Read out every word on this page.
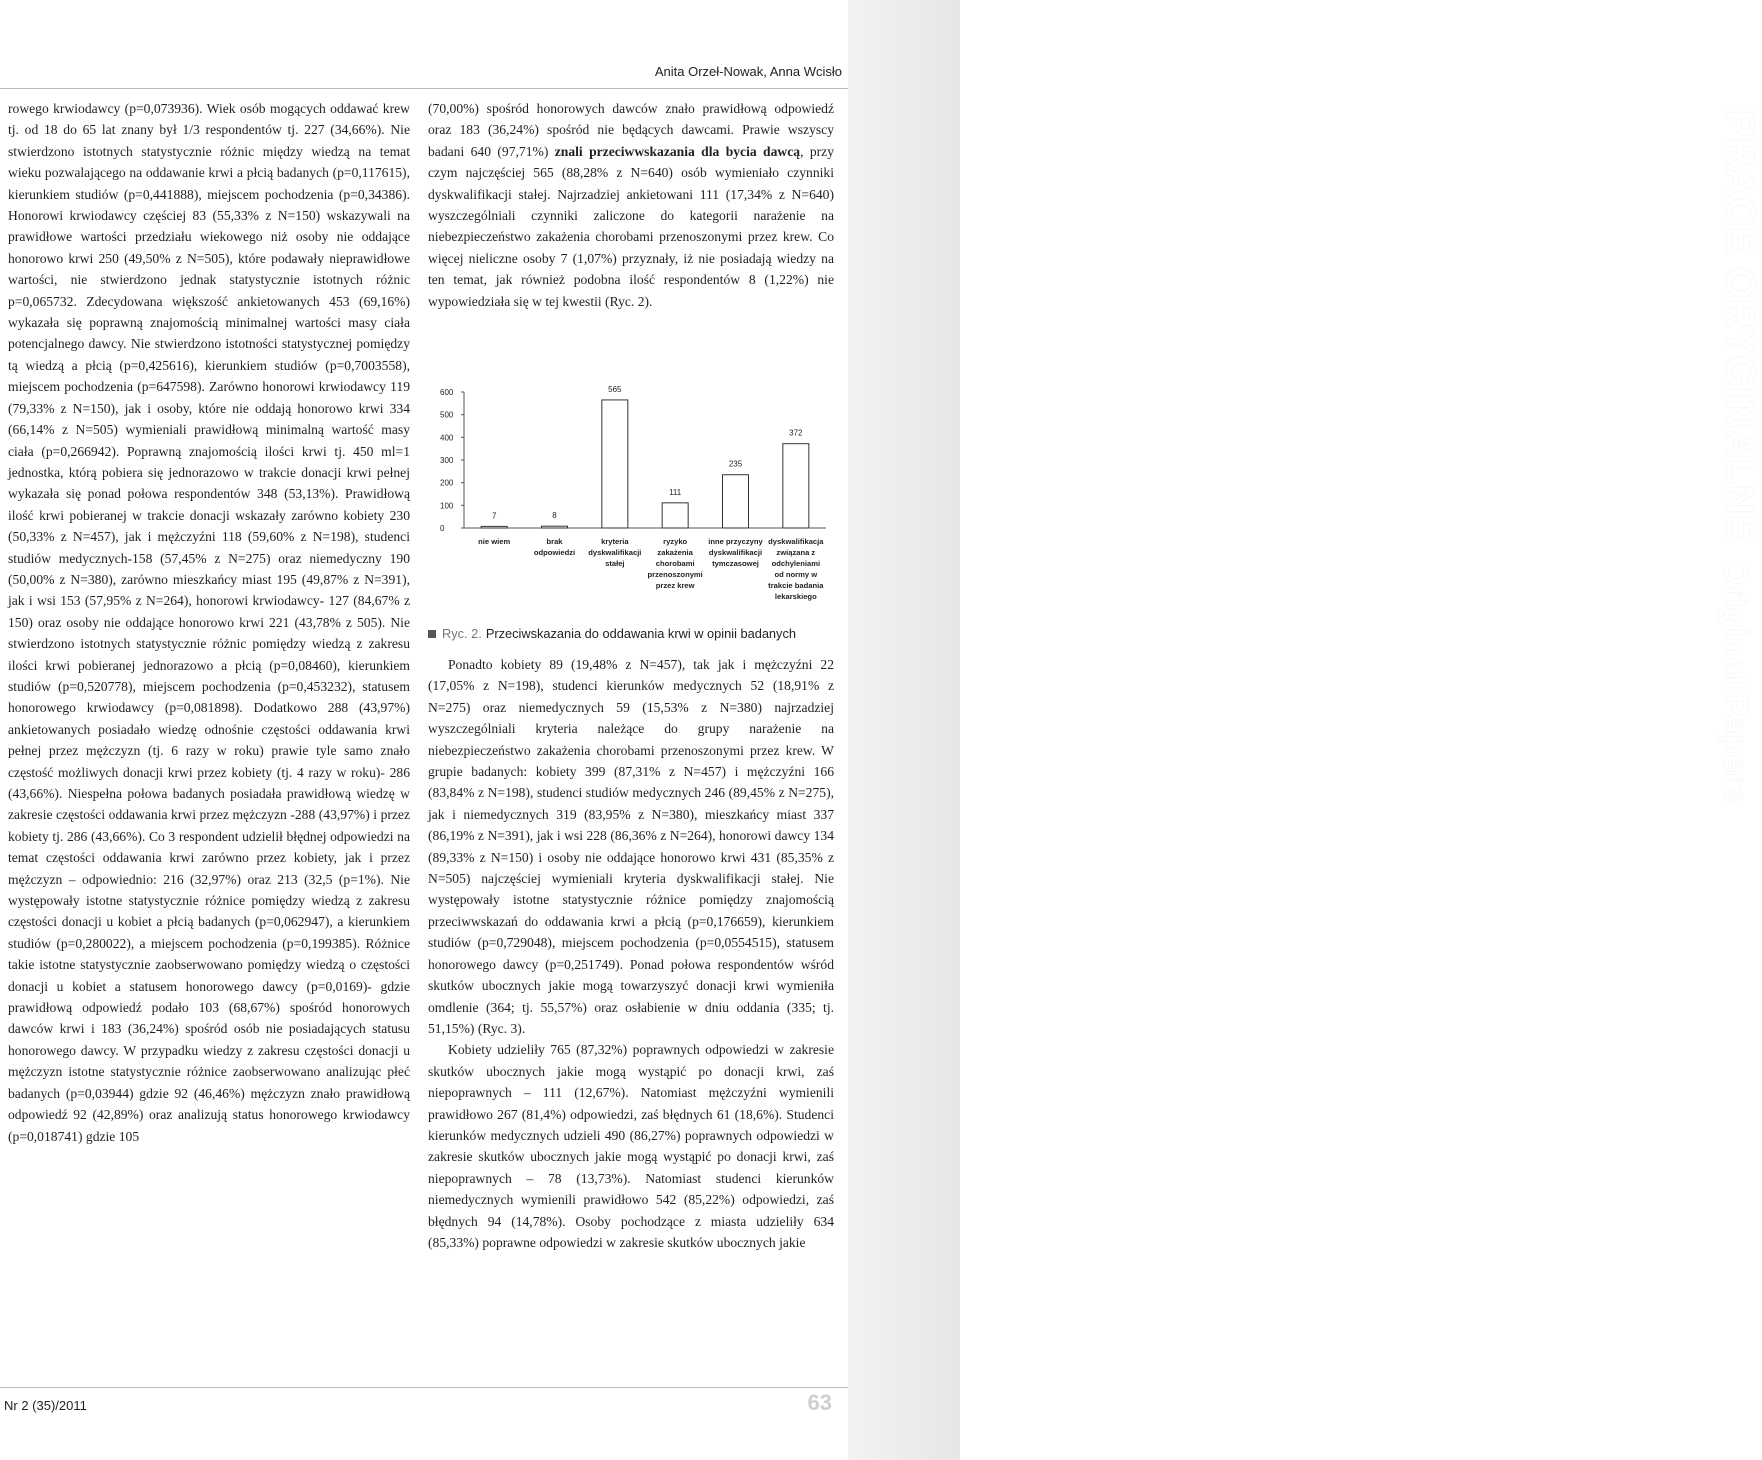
Anita Orzeł-Nowak, Anna Wcisło
PRACE ORYGINALNE
Original Papers

rowego krwiodawcy (p=0,073936). Wiek osób mogących oddawać krew tj. od 18 do 65 lat znany był 1/3 respondentów tj. 227 (34,66%). Nie stwierdzono istotnych statystycznie różnic między wiedzą na temat wieku pozwalającego na oddawanie krwi a płcią badanych (p=0,117615), kierunkiem studiów (p=0,441888), miejscem pochodzenia (p=0,34386). Honorowi krwiodawcy częściej 83 (55,33% z N=150) wskazywali na prawidłowe wartości przedziału wiekowego niż osoby nie oddające honorowo krwi 250 (49,50% z N=505), które podawały nieprawidłowe wartości, nie stwierdzono jednak statystycznie istotnych różnic p=0,065732. Zdecydowana większość ankietowanych 453 (69,16%) wykazała się poprawną znajomością minimalnej wartości masy ciała potencjalnego dawcy. Nie stwierdzono istotności statystycznej pomiędzy tą wiedzą a płcią (p=0,425616), kierunkiem studiów (p=0,7003558), miejscem pochodzenia (p=647598). Zarówno honorowi krwiodawcy 119 (79,33% z N=150), jak i osoby, które nie oddają honorowo krwi 334 (66,14% z N=505) wymieniali prawidłową minimalną wartość masy ciała (p=0,266942). Poprawną znajomością ilości krwi tj. 450 ml=1 jednostka, którą pobiera się jednorazowo w trakcie donacji krwi pełnej wykazała się ponad połowa respondentów 348 (53,13%). Prawidłową ilość krwi pobieranej w trakcie donacji wskazały zarówno kobiety 230 (50,33% z N=457), jak i mężczyźni 118 (59,60% z N=198), studenci studiów medycznych-158 (57,45% z N=275) oraz niemedyczny 190 (50,00% z N=380), zarówno mieszkańcy miast 195 (49,87% z N=391), jak i wsi 153 (57,95% z N=264), honorowi krwiodawcy- 127 (84,67% z 150) oraz osoby nie oddające honorowo krwi 221 (43,78% z 505). Nie stwierdzono istotnych statystycznie różnic pomiędzy wiedzą z zakresu ilości krwi pobieranej jednorazowo a płcią (p=0,08460), kierunkiem studiów (p=0,520778), miejscem pochodzenia (p=0,453232), statusem honorowego krwiodawcy (p=0,081898). Dodatkowo 288 (43,97%) ankietowanych posiadało wiedzę odnośnie częstości oddawania krwi pełnej przez mężczyzn (tj. 6 razy w roku) prawie tyle samo znało częstość możliwych donacji krwi przez kobiety (tj. 4 razy w roku)- 286 (43,66%). Niespełna połowa badanych posiadała prawidłową wiedzę w zakresie częstości oddawania krwi przez mężczyzn -288 (43,97%) i przez kobiety tj. 286 (43,66%). Co 3 respondent udzielił błędnej odpowiedzi na temat częstości oddawania krwi zarówno przez kobiety, jak i przez mężczyzn – odpowiednio: 216 (32,97%) oraz 213 (32,5 (p=1%). Nie występowały istotne statystycznie różnice pomiędzy wiedzą z zakresu częstości donacji u kobiet a płcią badanych (p=0,062947), a kierunkiem studiów (p=0,280022), a miejscem pochodzenia (p=0,199385). Różnice takie istotne statystycznie zaobserwowano pomiędzy wiedzą o częstości donacji u kobiet a statusem honorowego dawcy (p=0,0169)- gdzie prawidłową odpowiedź podało 103 (68,67%) spośród honorowych dawców krwi i 183 (36,24%) spośród osób nie posiadających statusu honorowego dawcy. W przypadku wiedzy z zakresu częstości donacji u mężczyzn istotne statystycznie różnice zaobserwowano analizując płeć badanych (p=0,03944) gdzie 92 (46,46%) mężczyzn znało prawidłową odpowiedź 92 (42,89%) oraz analizują status honorowego krwiodawcy (p=0,018741) gdzie 105

(70,00%) spośród honorowych dawców znało prawidłową odpowiedź oraz 183 (36,24%) spośród nie będących dawcami. Prawie wszyscy badani 640 (97,71%) znali przeciwwskazania dla bycia dawcą, przy czym najczęściej 565 (88,28% z N=640) osób wymieniało czynniki dyskwalifikacji stałej. Najrzadziej ankietowani 111 (17,34% z N=640) wyszczególniali czynniki zaliczone do kategorii narażenie na niebezpieczeństwo zakażenia chorobami przenoszonymi przez krew. Co więcej nieliczne osoby 7 (1,07%) przyznały, iż nie posiadają wiedzy na ten temat, jak również podobna ilość respondentów 8 (1,22%) nie wypowiedziała się w tej kwestii (Ryc. 2).

0
100
200
300
400
500
600
7
nie wiem
8
brak
odpowiedzi
565
kryteria
dyskwalifikacji
stałej
111
ryzyko
zakażenia
chorobami
przenoszonymi
przez krew
235
inne przyczyny
dyskwalifikacji
tymczasowej
372
dyskwalifikacja
związana z
odchyleniami
od normy w
trakcie badania
lekarskiego
Ryc. 2. Przeciwskazania do oddawania krwi w opinii badanych

Ponadto kobiety 89 (19,48% z N=457), tak jak i mężczyźni 22 (17,05% z N=198), studenci kierunków medycznych 52 (18,91% z N=275) oraz niemedycznych 59 (15,53% z N=380) najrzadziej wyszczególniali kryteria należące do grupy narażenie na niebezpieczeństwo zakażenia chorobami przenoszonymi przez krew. W grupie badanych: kobiety 399 (87,31% z N=457) i mężczyźni 166 (83,84% z N=198), studenci studiów medycznych 246 (89,45% z N=275), jak i niemedycznych 319 (83,95% z N=380), mieszkańcy miast 337 (86,19% z N=391), jak i wsi 228 (86,36% z N=264), honorowi dawcy 134 (89,33% z N=150) i osoby nie oddające honorowo krwi 431 (85,35% z N=505) najczęściej wymieniali kryteria dyskwalifikacji stałej. Nie występowały istotne statystycznie różnice pomiędzy znajomością przeciwwskazań do oddawania krwi a płcią (p=0,176659), kierunkiem studiów (p=0,729048), miejscem pochodzenia (p=0,0554515), statusem honorowego dawcy (p=0,251749). Ponad połowa respondentów wśród skutków ubocznych jakie mogą towarzyszyć donacji krwi wymieniła omdlenie (364; tj. 55,57%) oraz osłabienie w dniu oddania (335; tj. 51,15%) (Ryc. 3).

Kobiety udzieliły 765 (87,32%) poprawnych odpowiedzi w zakresie skutków ubocznych jakie mogą wystąpić po donacji krwi, zaś niepoprawnych – 111 (12,67%). Natomiast mężczyźni wymienili prawidłowo 267 (81,4%) odpowiedzi, zaś błędnych 61 (18,6%). Studenci kierunków medycznych udzieli 490 (86,27%) poprawnych odpowiedzi w zakresie skutków ubocznych jakie mogą wystąpić po donacji krwi, zaś niepoprawnych – 78 (13,73%). Natomiast studenci kierunków niemedycznych wymienili prawidłowo 542 (85,22%) odpowiedzi, zaś błędnych 94 (14,78%). Osoby pochodzące z miasta udzieliły 634 (85,33%) poprawne odpowiedzi w zakresie skutków ubocznych jakie

Nr 2 (35)/2011	63
